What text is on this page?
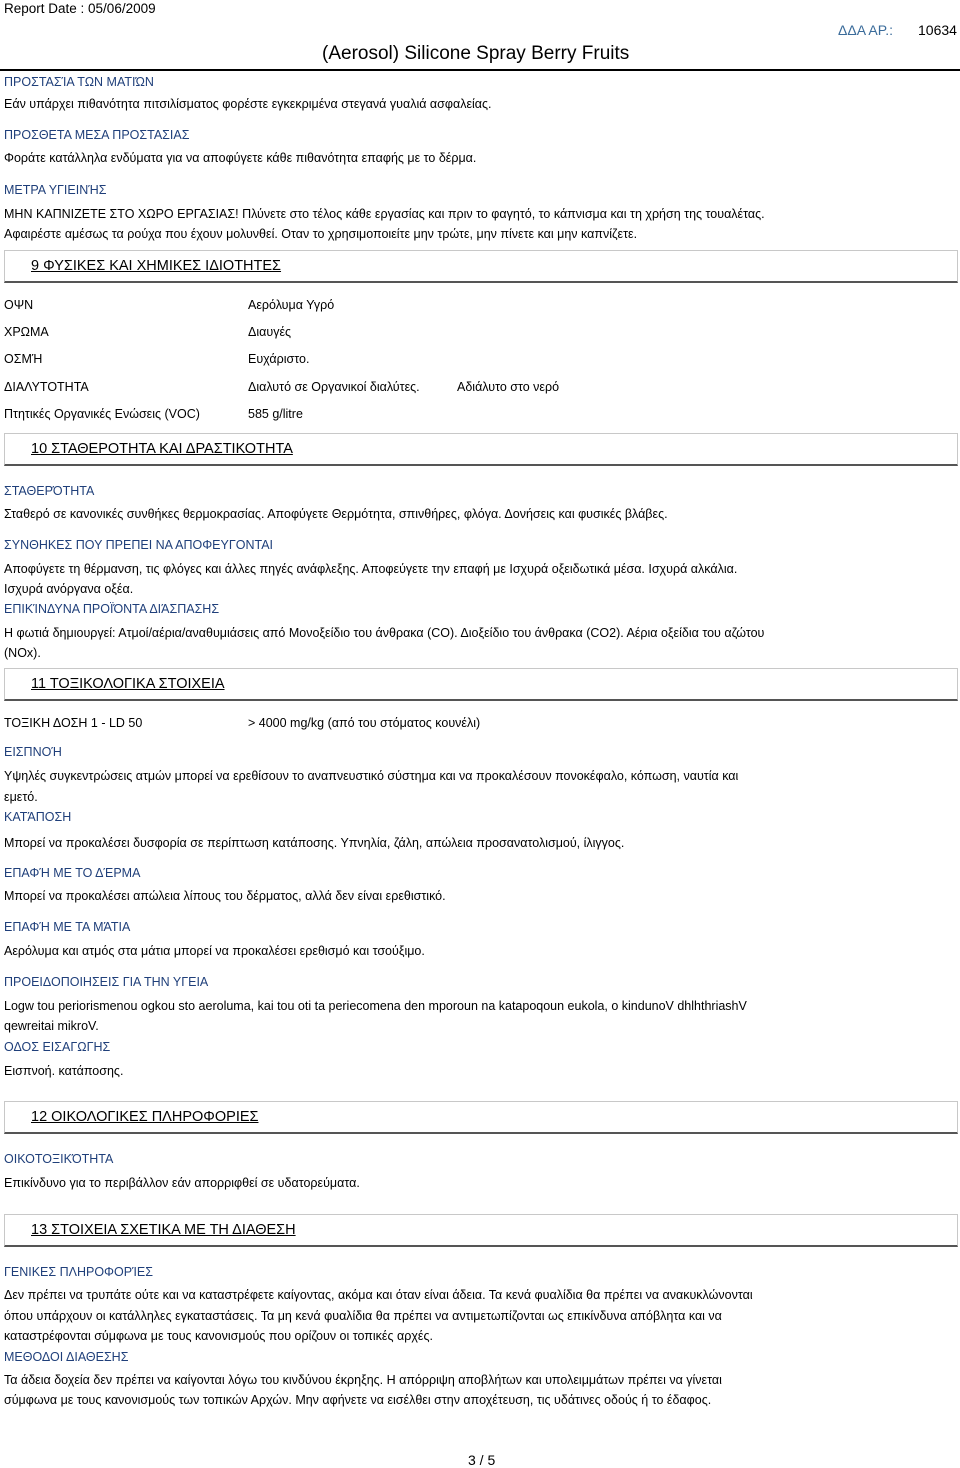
Report Date : 05/06/2009
(Aerosol) Silicone Spray Berry Fruits
ΔΔΑ ΑΡ.: 10634
ΠΡΟΣΤΑΣΊΑ ΤΩΝ ΜΑΤΙΏΝ
Εάν υπάρχει πιθανότητα πιτσιλίσματος φορέστε εγκεκριμένα στεγανά γυαλιά ασφαλείας.
ΠΡΟΣΘΕΤΑ ΜΕΣΑ ΠΡΟΣΤΑΣΙΑΣ
Φοράτε κατάλληλα ενδύματα για να αποφύγετε κάθε πιθανότητα επαφής με το δέρμα.
ΜΕΤΡΑ ΥΓΙΕΙΝΉΣ
ΜΗΝ ΚΑΠΝΙΖΕΤΕ ΣΤΟ ΧΩΡΟ ΕΡΓΑΣΙΑΣ! Πλύνετε στο τέλος κάθε εργασίας και πριν το φαγητό, το κάπνισμα και τη χρήση της τουαλέτας.
Αφαιρέστε αμέσως τα ρούχα που έχουν μολυνθεί. Οταν το χρησιμοποιείτε μην τρώτε, μην πίνετε και μην καπνίζετε.
9 ΦΥΣΙΚΕΣ ΚΑΙ ΧΗΜΙΚΕΣ ΙΔΙΟΤΗΤΕΣ
ΟΨΝ	Αερόλυμα Υγρό
ΧΡΩΜΑ	Διαυγές
ΟΣΜΉ	Ευχάριστο.
ΔΙΑΛΥΤΟΤΗΤΑ	Διαλυτό σε Οργανικοί διαλύτες.	Αδιάλυτο στο νερό
Πτητικές Οργανικές Ενώσεις (VOC)	585 g/litre
10 ΣΤΑΘΕΡΟΤΗΤΑ ΚΑΙ ΔΡΑΣΤΙΚΟΤΗΤΑ
ΣΤΑΘΕΡΌΤΗΤΑ
Σταθερό σε κανονικές συνθήκες θερμοκρασίας. Αποφύγετε Θερμότητα, σπινθήρες, φλόγα. Δονήσεις και φυσικές βλάβες.
ΣΥΝΘΗΚΕΣ ΠΟΥ ΠΡΕΠΕΙ ΝΑ ΑΠΟΦΕΥΓΟΝΤΑΙ
Αποφύγετε τη θέρμανση, τις φλόγες και άλλες πηγές ανάφλεξης. Αποφεύγετε την επαφή με Ισχυρά οξειδωτικά μέσα. Ισχυρά αλκάλια.
Ισχυρά ανόργανα οξέα.
ΕΠΙΚΊΝΔΥΝΑ ΠΡΟΪΌΝΤΑ ΔΙΆΣΠΑΣΗΣ
Η φωτιά δημιουργεί: Ατμοί/αέρια/αναθυμιάσεις από Μονοξείδιο του άνθρακα (CO). Διοξείδιο του άνθρακα (CO2). Αέρια οξείδια του αζώτου
(NOx).
11 ΤΟΞΙΚΟΛΟΓΙΚΑ ΣΤΟΙΧΕΙΑ
ΤΟΞΙΚΗ ΔΟΣΗ 1 - LD 50	> 4000 mg/kg (από του στόματος κουνέλι)
ΕΙΣΠΝΟΉ
Υψηλές συγκεντρώσεις ατμών μπορεί να ερεθίσουν το αναπνευστικό σύστημα και να προκαλέσουν πονοκέφαλο, κόπωση, ναυτία και
εμετό.
ΚΑΤΆΠΟΣΗ
Μπορεί να προκαλέσει δυσφορία σε περίπτωση κατάποσης. Υπνηλία, ζάλη, απώλεια προσανατολισμού, ίλιγγος.
ΕΠΑΦΉ ΜΕ ΤΟ ΔΈΡΜΑ
Μπορεί να προκαλέσει απώλεια λίπους του δέρματος, αλλά δεν είναι ερεθιστικό.
ΕΠΑΦΉ ΜΕ ΤΑ ΜΆΤΙΑ
Αερόλυμα και ατμός στα μάτια μπορεί να προκαλέσει ερεθισμό και τσούξιμο.
ΠΡΟΕΙΔΟΠΟΙΗΣΕΙΣ ΓΙΑ ΤΗΝ ΥΓΕΙΑ
Logw tou periorismenou ogkou sto aeroluma, kai tou oti ta periecomena den mporoun na katapoqoun eukola, o kindunoV dhlhthriashV
qewreitai mikroV.
ΟΔΟΣ ΕΙΣΑΓΩΓΗΣ
Εισπνοή. κατάποσης.
12 ΟΙΚΟΛΟΓΙΚΕΣ ΠΛΗΡΟΦΟΡΙΕΣ
ΟΙΚΟΤΟΞΙΚΌΤΗΤΑ
Επικίνδυνο για το περιβάλλον εάν απορριφθεί σε υδατορεύματα.
13 ΣΤΟΙΧΕΙΑ ΣΧΕΤΙΚΑ ΜΕ ΤΗ ΔΙΑΘΕΣΗ
ΓΕΝΙΚΕΣ ΠΛΗΡΟΦΟΡΊΕΣ
Δεν πρέπει να τρυπάτε ούτε και να καταστρέφετε καίγοντας, ακόμα και όταν είναι άδεια. Τα κενά φυαλίδια θα πρέπει να ανακυκλώνονται
όπου υπάρχουν οι κατάλληλες εγκαταστάσεις. Τα μη κενά φυαλίδια θα πρέπει να αντιμετωπίζονται ως επικίνδυνα απόβλητα και να
καταστρέφονται σύμφωνα με τους κανονισμούς που ορίζουν οι τοπικές αρχές.
ΜΕΘΟΔΟΙ ΔΙΑΘΕΣΗΣ
Τα άδεια δοχεία δεν πρέπει να καίγονται λόγω του κινδύνου έκρηξης. Η απόρριψη αποβλήτων και υπολειμμάτων πρέπει να γίνεται
σύμφωνα με τους κανονισμούς των τοπικών Αρχών. Μην αφήνετε να εισέλθει στην αποχέτευση, τις υδάτινες οδούς ή το έδαφος.
3 / 5
